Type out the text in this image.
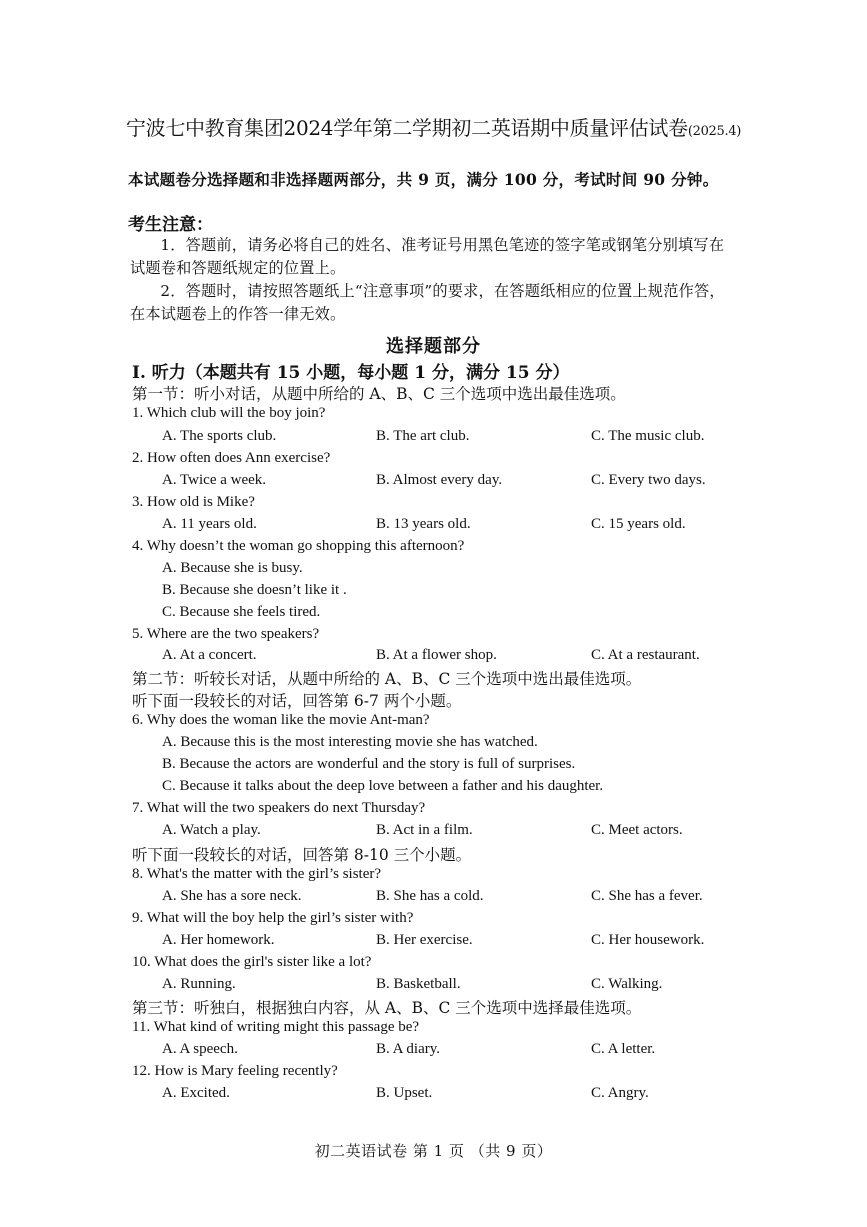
宁波七中教育集团2024学年第二学期初二英语期中质量评估试卷(2025.4)
本试题卷分选择题和非选择题两部分，共 9 页，满分 100 分，考试时间 90 分钟。
考生注意：
1．答题前，请务必将自己的姓名、准考证号用黑色笔迹的签字笔或钢笔分别填写在试题卷和答题纸规定的位置上。
2．答题时，请按照答题纸上“注意事项”的要求，在答题纸相应的位置上规范作答，在本试题卷上的作答一律无效。
选择题部分
I. 听力（本题共有 15 小题，每小题 1 分，满分 15 分）
第一节：听小对话，从题中所给的 A、B、C 三个选项中选出最佳选项。
1. Which club will the boy join?
A. The sports club.	B. The art club.	C. The music club.
2. How often does Ann exercise?
A. Twice a week.	B. Almost every day.	C. Every two days.
3. How old is Mike?
A. 11 years old.	B. 13 years old.	C. 15 years old.
4. Why doesn’t the woman go shopping this afternoon?
A. Because she is busy.
B. Because she doesn’t like it .
C. Because she feels tired.
5. Where are the two speakers?
A. At a concert.	B. At a flower shop.	C. At a restaurant.
第二节：听较长对话，从题中所给的 A、B、C 三个选项中选出最佳选项。
听下面一段较长的对话，回答第 6-7 两个小题。
6. Why does the woman like the movie Ant-man?
A. Because this is the most interesting movie she has watched.
B. Because the actors are wonderful and the story is full of surprises.
C. Because it talks about the deep love between a father and his daughter.
7. What will the two speakers do next Thursday?
A. Watch a play.	B. Act in a film.	C. Meet actors.
听下面一段较长的对话，回答第 8-10 三个小题。
8. What's the matter with the girl’s sister?
A. She has a sore neck.	B. She has a cold.	C. She has a fever.
9. What will the boy help the girl’s sister with?
A. Her homework.	B. Her exercise.	C. Her housework.
10. What does the girl's sister like a lot?
A. Running.	B. Basketball.	C. Walking.
第三节：听独白，根据独白内容，从 A、B、C 三个选项中选择最佳选项。
11. What kind of writing might this passage be?
A. A speech.	B. A diary.	C. A letter.
12. How is Mary feeling recently?
A. Excited.	B. Upset.	C. Angry.
初二英语试卷 第 1 页 （共 9 页）
